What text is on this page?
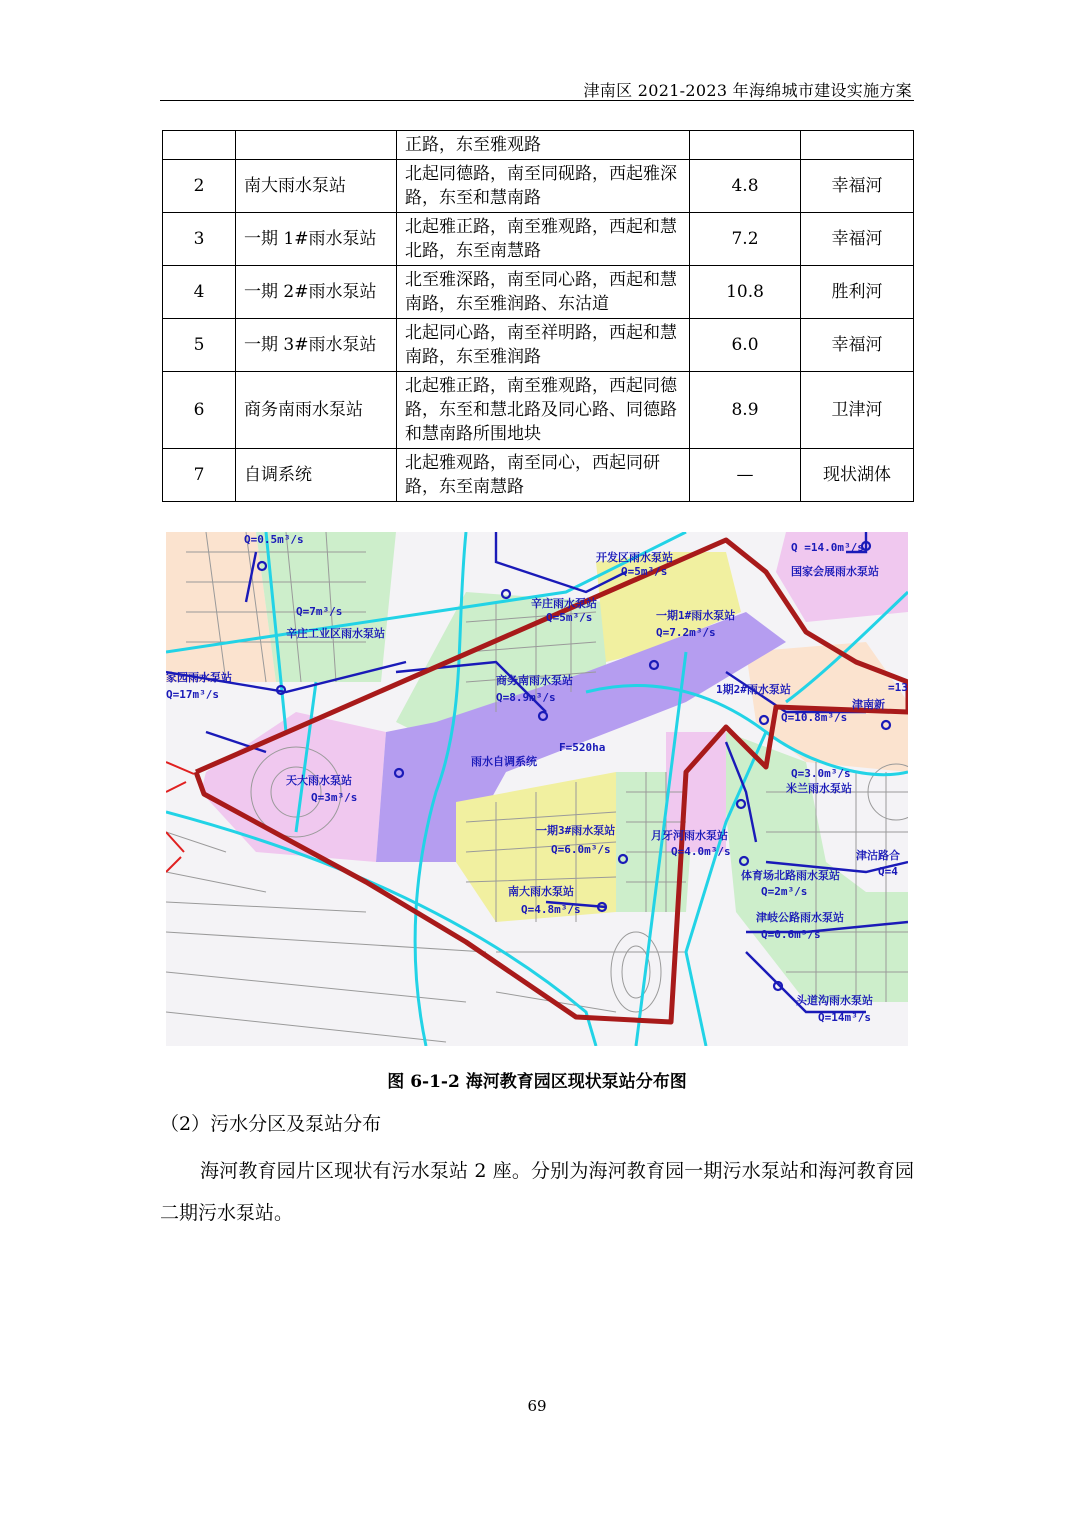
津南区 2021-2023 年海绵城市建设实施方案
		正路，东至雅观路		
2	南大雨水泵站	北起同德路，南至同砚路，西起雅深路，东至和慧南路	4.8	幸福河
3	一期 1#雨水泵站	北起雅正路，南至雅观路，西起和慧北路，东至南慧路	7.2	幸福河
4	一期 2#雨水泵站	北至雅深路，南至同心路，西起和慧南路，东至雅润路、东沽道	10.8	胜利河
5	一期 3#雨水泵站	北起同心路，南至祥明路，西起和慧南路，东至雅润路	6.0	幸福河
6	商务南雨水泵站	北起雅正路，南至雅观路，西起同德路，东至和慧北路及同心路、同德路和慧南路所围地块	8.9	卫津河
7	自调系统	北起雅观路，南至同心，西起同研路，东至南慧路	—	现状湖体
Q=0.5m³/s
开发区雨水泵站
Q=5m³/s
Q =14.0m³/s
国家会展雨水泵站
Q=7m³/s
辛庄雨水泵站
Q=5m³/s	一期1#雨水泵站
Q=7.2m³/s
辛庄工业区雨水泵站
家园雨水泵站
Q=17m³/s
商务南雨水泵站
Q=8.9m³/s
1期2#雨水泵站
Q=10.8m³/s
津南新
=13
F=520ha
雨水自调系统
天大雨水泵站
Q=3m³/s
Q=3.0m³/s
米兰雨水泵站
一期3#雨水泵站
Q=6.0m³/s
月牙河雨水泵站
Q=4.0m³/s	津沽路合
体育场北路雨水泵站
Q=2m³/s
Q=4
南大雨水泵站
Q=4.8m³/s
津岐公路雨水泵站
Q=0.6m³/s
头道沟雨水泵站
Q=14m³/s
图 6-1-2 海河教育园区现状泵站分布图
（2）污水分区及泵站分布
海河教育园片区现状有污水泵站 2 座。分别为海河教育园一期污水泵站和海河教育园二期污水泵站。
69
